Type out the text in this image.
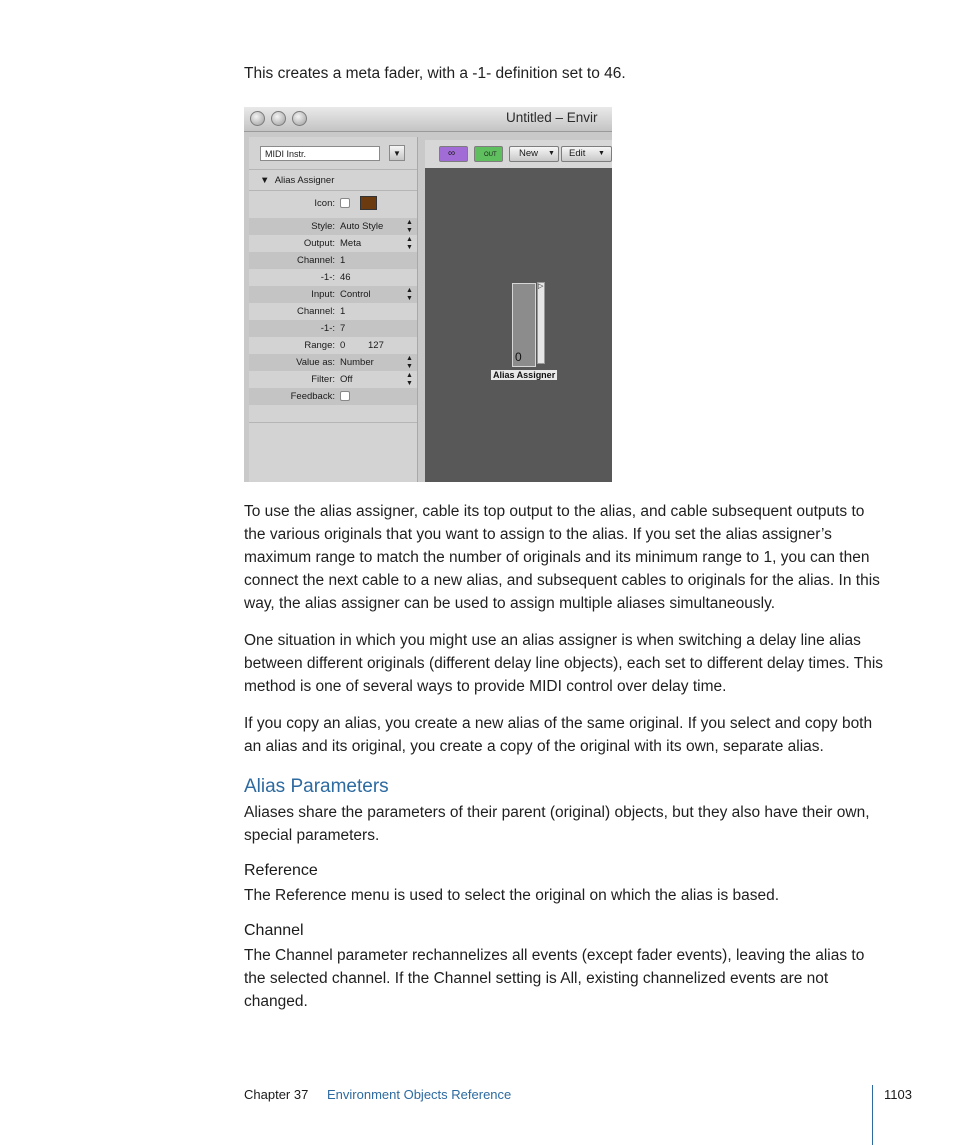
This creates a meta fader, with a -1- definition set to 46.

Untitled – Envir
MIDI Instr.	▼
▼  Alias Assigner
Icon:
Style: Auto Style	▲
▼
Output: Meta	▲
▼
Channel: 1
-1-: 46
Input: Control	▲
▼
Channel: 1
-1-: 7
Range: 0 127
Value as: Number	▲
▼
Filter: Off	▲
▼
Feedback:
∞	OUT New ▼ Edit ▼
0
▷
Alias Assigner

To use the alias assigner, cable its top output to the alias, and cable subsequent outputs to the various originals that you want to assign to the alias. If you set the alias assigner’s maximum range to match the number of originals and its minimum range to 1, you can then connect the next cable to a new alias, and subsequent cables to originals for the alias. In this way, the alias assigner can be used to assign multiple aliases simultaneously.

One situation in which you might use an alias assigner is when switching a delay line alias between different originals (different delay line objects), each set to different delay times. This method is one of several ways to provide MIDI control over delay time.

If you copy an alias, you create a new alias of the same original. If you select and copy both an alias and its original, you create a copy of the original with its own, separate alias.

Alias Parameters

Aliases share the parameters of their parent (original) objects, but they also have their own, special parameters.

Reference

The Reference menu is used to select the original on which the alias is based.

Channel

The Channel parameter rechannelizes all events (except fader events), leaving the alias to the selected channel. If the Channel setting is All, existing channelized events are not changed.

Chapter 37 Environment Objects Reference	1103
